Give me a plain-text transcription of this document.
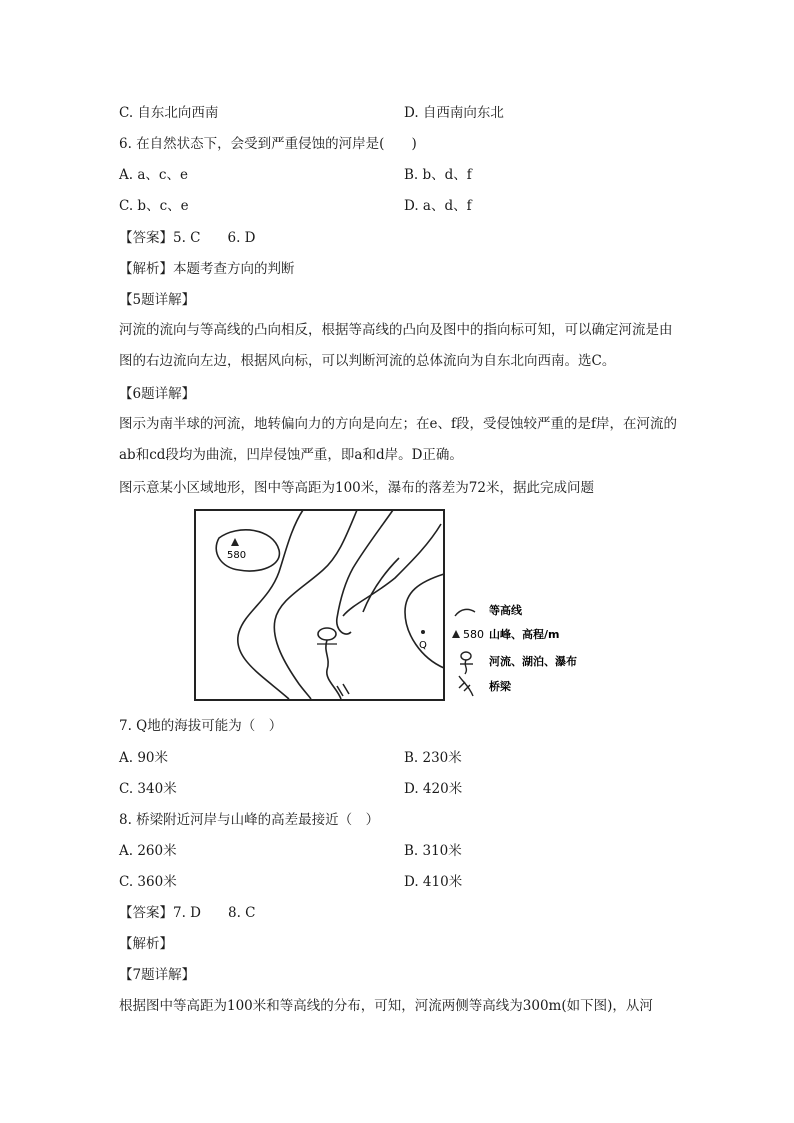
C. 自东北向西南	D. 自西南向东北
6. 在自然状态下，会受到严重侵蚀的河岸是(　　)
A. a、c、e	B. b、d、f
C. b、c、e	D. a、d、f
【答案】5. C　　6. D
【解析】本题考查方向的判断
【5题详解】
河流的流向与等高线的凸向相反，根据等高线的凸向及图中的指向标可知，可以确定河流是由图的右边流向左边，根据风向标，可以判断河流的总体流向为自东北向西南。选C。
【6题详解】
图示为南半球的河流，地转偏向力的方向是向左；在e、f段，受侵蚀较严重的是f岸，在河流的ab和cd段均为曲流，凹岸侵蚀严重，即a和d岸。D正确。
图示意某小区域地形，图中等高距为100米，瀑布的落差为72米，据此完成问题
580
Q
等高线
580 山峰、高程/m
河流、湖泊、瀑布
桥梁
7. Q地的海拔可能为（　）
A. 90米	B. 230米
C. 340米	D. 420米
8. 桥梁附近河岸与山峰的高差最接近（　）
A. 260米	B. 310米
C. 360米	D. 410米
【答案】7. D　　8. C
【解析】
【7题详解】
根据图中等高距为100米和等高线的分布，可知，河流两侧等高线为300m(如下图)，从河
